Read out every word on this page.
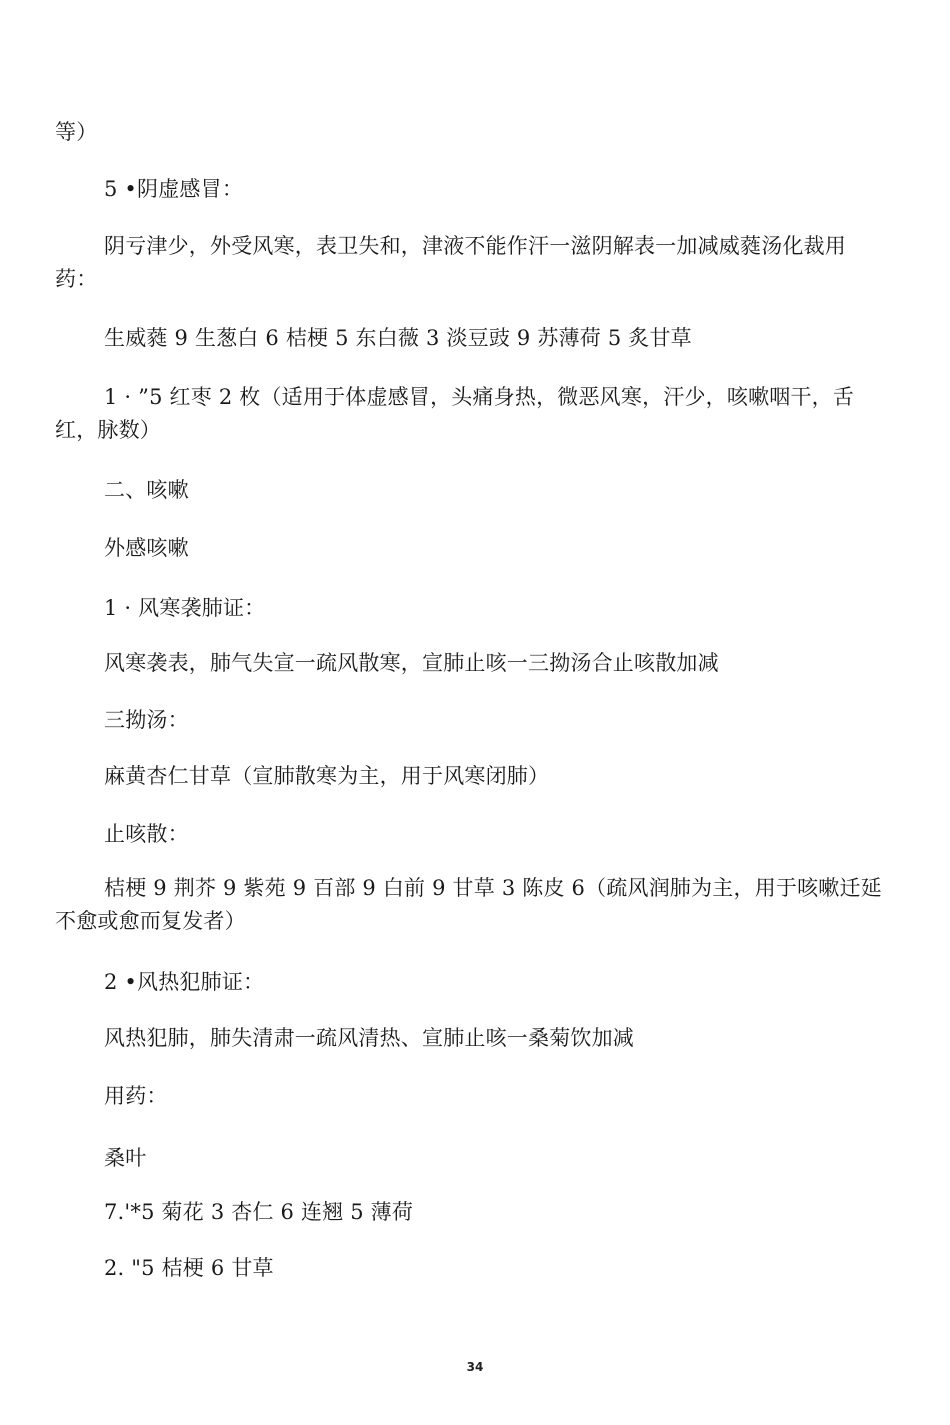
等）
5 •阴虚感冒：
阴亏津少，外受风寒，表卫失和，津液不能作汗一滋阴解表一加减威蕤汤化裁用药：
生威蕤 9 生葱白 6 桔梗 5 东白薇 3 淡豆豉 9 苏薄荷 5 炙甘草
1 · ”5 红枣 2 枚（适用于体虚感冒，头痛身热，微恶风寒，汗少，咳嗽咽干，舌红，脉数）
二、咳嗽
外感咳嗽
1 · 风寒袭肺证：
风寒袭表，肺气失宣一疏风散寒，宣肺止咳一三拗汤合止咳散加减
三拗汤：
麻黄杏仁甘草（宣肺散寒为主，用于风寒闭肺）
止咳散：
桔梗 9 荆芥 9 紫苑 9 百部 9 白前 9 甘草 3 陈皮 6（疏风润肺为主，用于咳嗽迁延不愈或愈而复发者）
2 •风热犯肺证：
风热犯肺，肺失清肃一疏风清热、宣肺止咳一桑菊饮加减
用药：
桑叶
7.'*5 菊花 3 杏仁 6 连翘 5 薄荷
2. "5 桔梗 6 甘草
34
